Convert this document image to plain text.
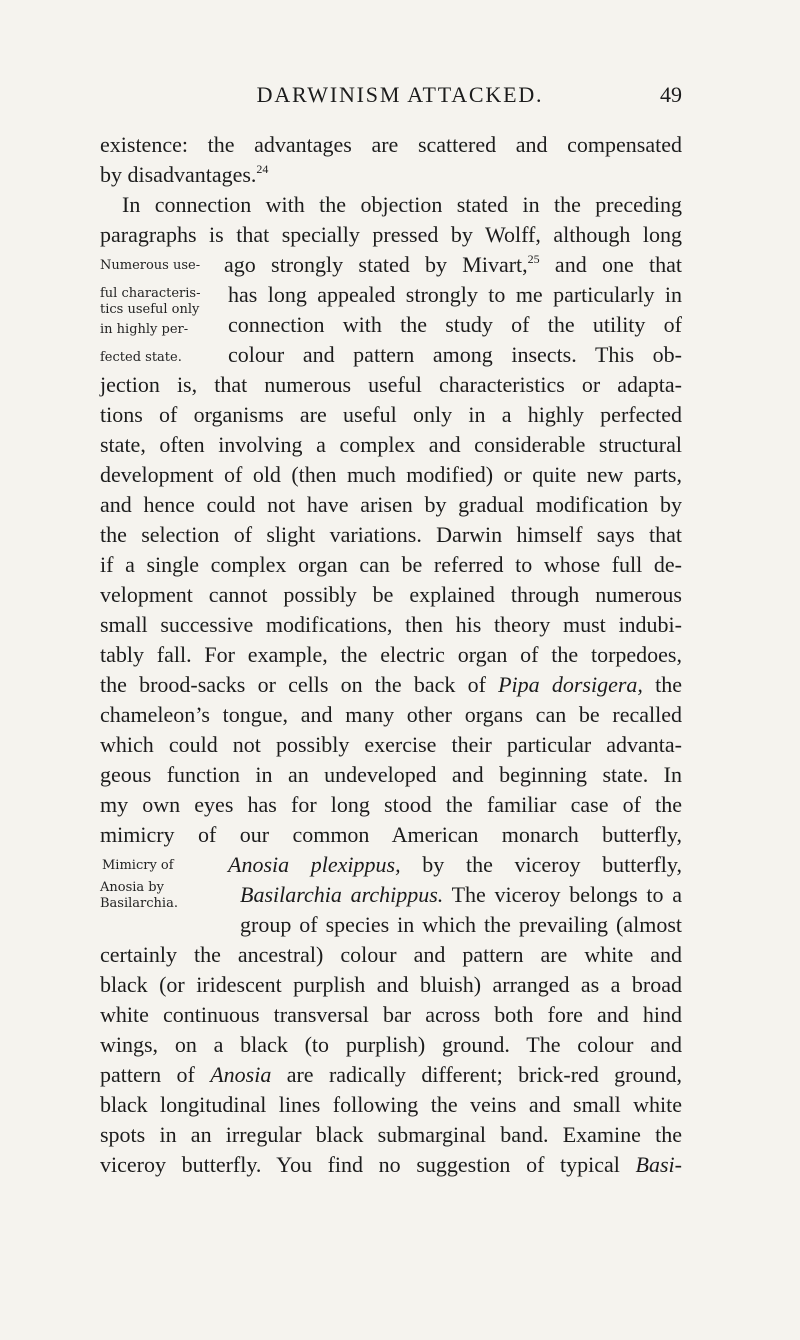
DARWINISM ATTACKED.	49
existence: the advantages are scattered and compensated
by disadvantages.$^{24}$
In connection with the objection stated in the preceding
paragraphs is that specially pressed by Wolff, although long
ago strongly stated by Mivart,$^{25}$ and one that
has long appealed strongly to me particularly in
connection with the study of the utility of
colour and pattern among insects. This ob-
jection is, that numerous useful characteristics or adapta-
tions of organisms are useful only in a highly perfected
state, often involving a complex and considerable structural
development of old (then much modified) or quite new parts,
and hence could not have arisen by gradual modification by
the selection of slight variations. Darwin himself says that
if a single complex organ can be referred to whose full de-
velopment cannot possibly be explained through numerous
small successive modifications, then his theory must indubi-
tably fall. For example, the electric organ of the torpedoes,
the brood-sacks or cells on the back of Pipa dorsigera, the
chameleon’s tongue, and many other organs can be recalled
which could not possibly exercise their particular advanta-
geous function in an undeveloped and beginning state. In
my own eyes has for long stood the familiar case of the
mimicry of our common American monarch butterfly,
Anosia plexippus, by the viceroy butterfly,
Basilarchia archippus. The viceroy belongs to a
group of species in which the prevailing (almost
certainly the ancestral) colour and pattern are white and
black (or iridescent purplish and bluish) arranged as a broad
white continuous transversal bar across both fore and hind
wings, on a black (to purplish) ground. The colour and
pattern of Anosia are radically different; brick-red ground,
black longitudinal lines following the veins and small white
spots in an irregular black submarginal band. Examine the
viceroy butterfly. You find no suggestion of typical Basi-
Numerous use-
ful characteris-
tics useful only
in highly per-
fected state.
Mimicry of
Anosia by
Basilarchia.
